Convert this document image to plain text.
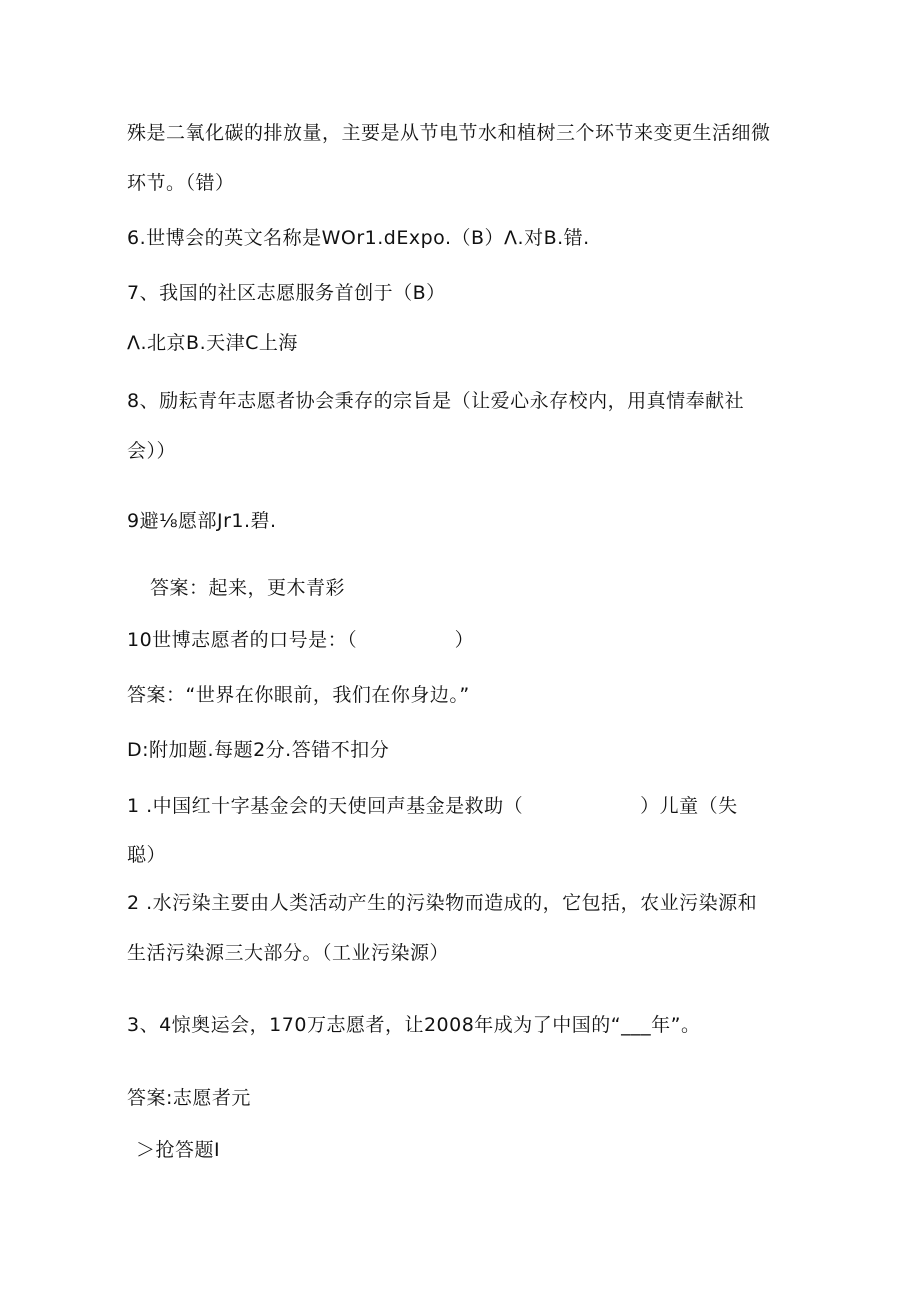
殊是二氧化碳的排放量，主要是从节电节水和植树三个环节来变更生活细微
环节。（错）
6.世博会的英文名称是WOr1.dExpo.（B）Λ.对B.错.
7、我国的社区志愿服务首创于（B）
Λ.北京B.天津C上海
8、励耘青年志愿者协会秉存的宗旨是（让爱心永存校内，用真情奉献社
会））
9避⅛愿部Jr1.碧.
答案：起来，更木青彩
10世博志愿者的口号是：（　　　　　）
答案：“世界在你眼前，我们在你身边。”
D:附加题.每题2分.答错不扣分
1 .中国红十字基金会的天使回声基金是救助（　　　　　　）儿童（失
聪）
2 .水污染主要由人类活动产生的污染物而造成的，它包括，农业污染源和
生活污染源三大部分。（工业污染源）
3、4惊奥运会，170万志愿者，让2008年成为了中国的“___年”。
答案:志愿者元
＞抢答题I
